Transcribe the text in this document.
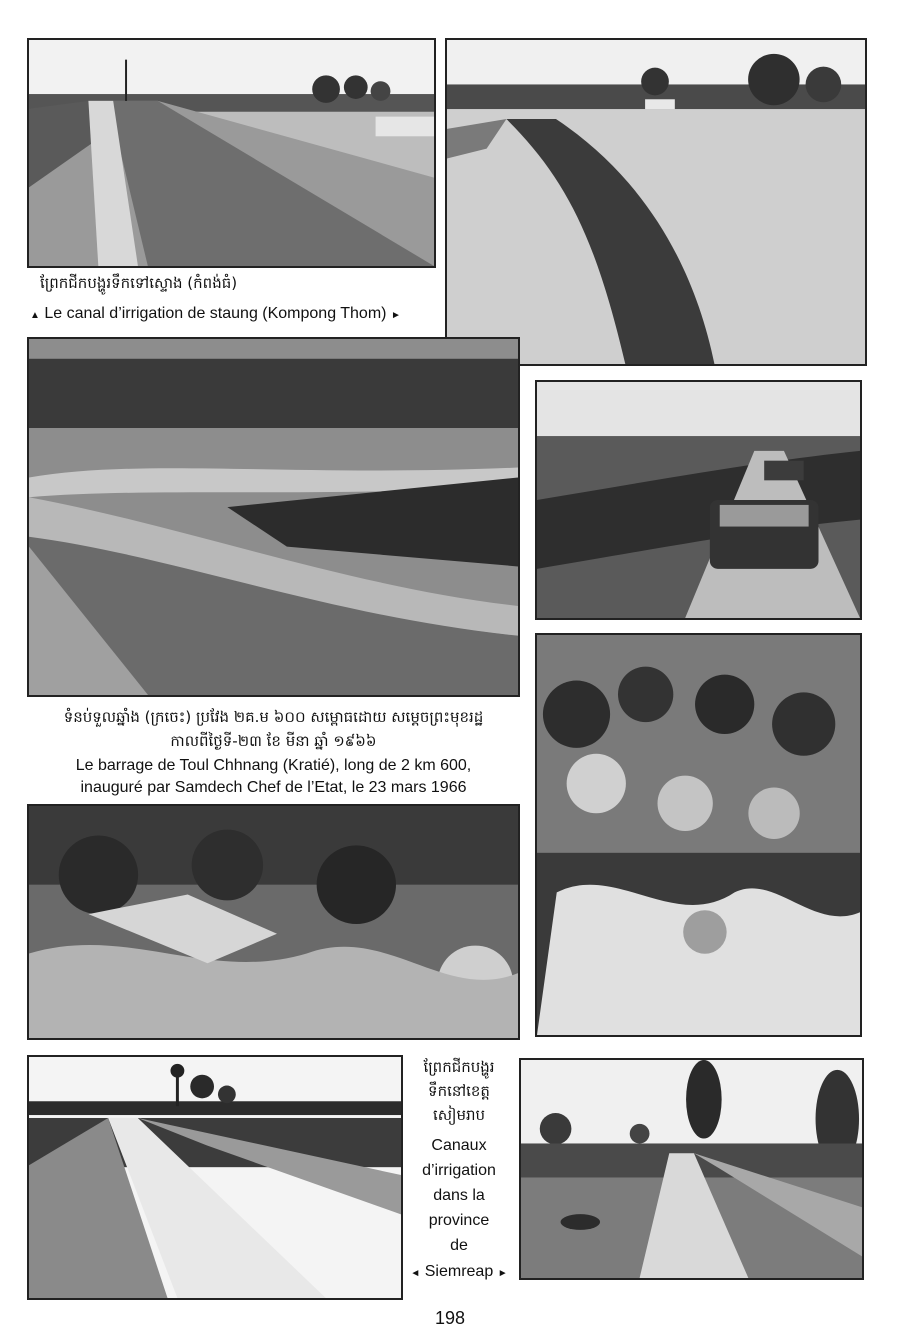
ព្រែកជីកបង្ហូរទឹកទៅស្ទោង (កំពង់ធំ)
▲ Le canal d’irrigation de staung (Kompong Thom) ►
ទំនប់ទួលឆ្នាំង (ក្រចេះ) ប្រវែង ២គ.ម ៦០០ សម្ពោធដោយ សម្តេចព្រះមុខរដ្ឋ
កាលពីថ្ងៃទី-២៣ ខែ មីនា ឆ្នាំ ១៩៦៦
Le barrage de Toul Chhnang (Kratié), long de 2 km 600,
inauguré par Samdech Chef de l’Etat, le 23 mars 1966
ព្រែកជីកបង្ហូរ
ទឹកនៅខេត្ត
សៀមរាប
Canaux
d’irrigation
dans la
province
de
◄ Siemreap ►
198
